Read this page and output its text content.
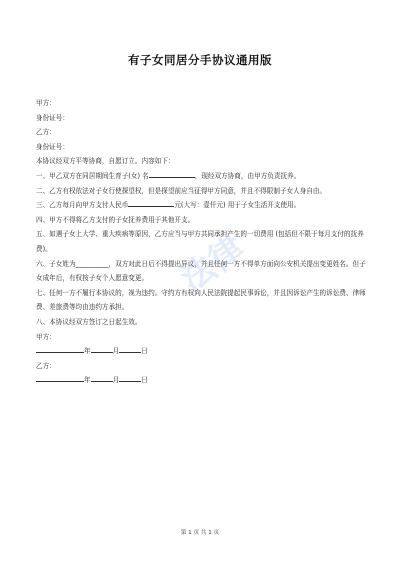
有子女同居分手协议通用版
法律
甲方：
身份证号：
乙方：
身份证号：
本协议经双方平等协商，自愿订立。内容如下：
一、甲乙双方在同居期间生育子(女) 名	，现经双方协商，由甲方负责抚养。
二、乙方有权依法对子女行使探望权，但是探望前应当征得甲方同意，并且不得限制子女人身自由。
三、乙方每月向甲方支付人民币	元(大写：壹仟元) 用于子女生活开支使用。
四、甲方不得将乙方支付的子女抚养费用于其他开支。
五、如遇子女上大学、重大疾病等原因，乙方应当与甲方共同承担产生的一切费用 (包括但不限于每月支付的抚养费)。
六、子女姓为__________，双方对此日后不得提出异议，并且任何一方不得单方面向公安机关提出变更姓名。但子女成年后，有权按子女个人愿意变更。
七、任何一方不履行本协议的，视为违约。守约方有权向人民法院提起民事诉讼，并且因诉讼产生的诉讼费、律师费、差旅费等均由违约方承担。
八、本协议经双方签订之日起生效。
甲方：
年	月	日
乙方：
年	月	日
第 1 页 共 1 页
